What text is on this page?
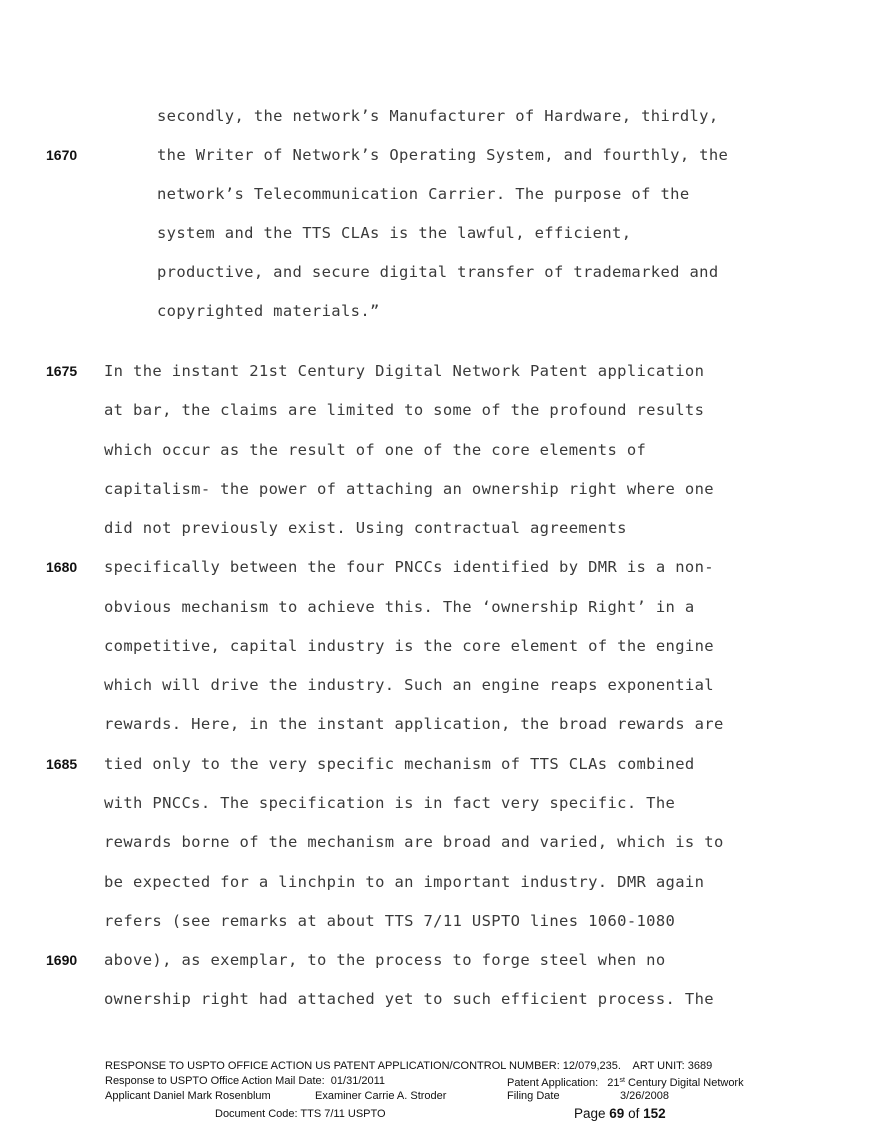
secondly, the network’s Manufacturer of Hardware, thirdly,
the Writer of Network’s Operating System, and fourthly, the
network’s Telecommunication Carrier. The purpose of the
system and the TTS CLAs is the lawful, efficient,
productive, and secure digital transfer of trademarked and
copyrighted materials.”
In the instant 21st Century Digital Network Patent application
at bar, the claims are limited to some of the profound results
which occur as the result of one of the core elements of
capitalism- the power of attaching an ownership right where one
did not previously exist. Using contractual agreements
specifically between the four PNCCs identified by DMR is a non-
obvious mechanism to achieve this. The ‘ownership Right’ in a
competitive, capital industry is the core element of the engine
which will drive the industry. Such an engine reaps exponential
rewards. Here, in the instant application, the broad rewards are
tied only to the very specific mechanism of TTS CLAs combined
with PNCCs. The specification is in fact very specific. The
rewards borne of the mechanism are broad and varied, which is to
be expected for a linchpin to an important industry. DMR again
refers (see remarks at about TTS 7/11 USPTO lines 1060-1080
above), as exemplar, to the process to forge steel when no
ownership right had attached yet to such efficient process. The
1670
1675
1680
1685
1690
RESPONSE TO USPTO OFFICE ACTION US PATENT APPLICATION/CONTROL NUMBER: 12/079,235.    ART UNIT: 3689
Response to USPTO Office Action Mail Date:  01/31/2011	Patent Application: 21st Century Digital Network
Applicant Daniel Mark Rosenblum	Examiner Carrie A. Stroder	Filing Date	3/26/2008
Document Code: TTS 7/11 USPTO	Page 69 of 152
